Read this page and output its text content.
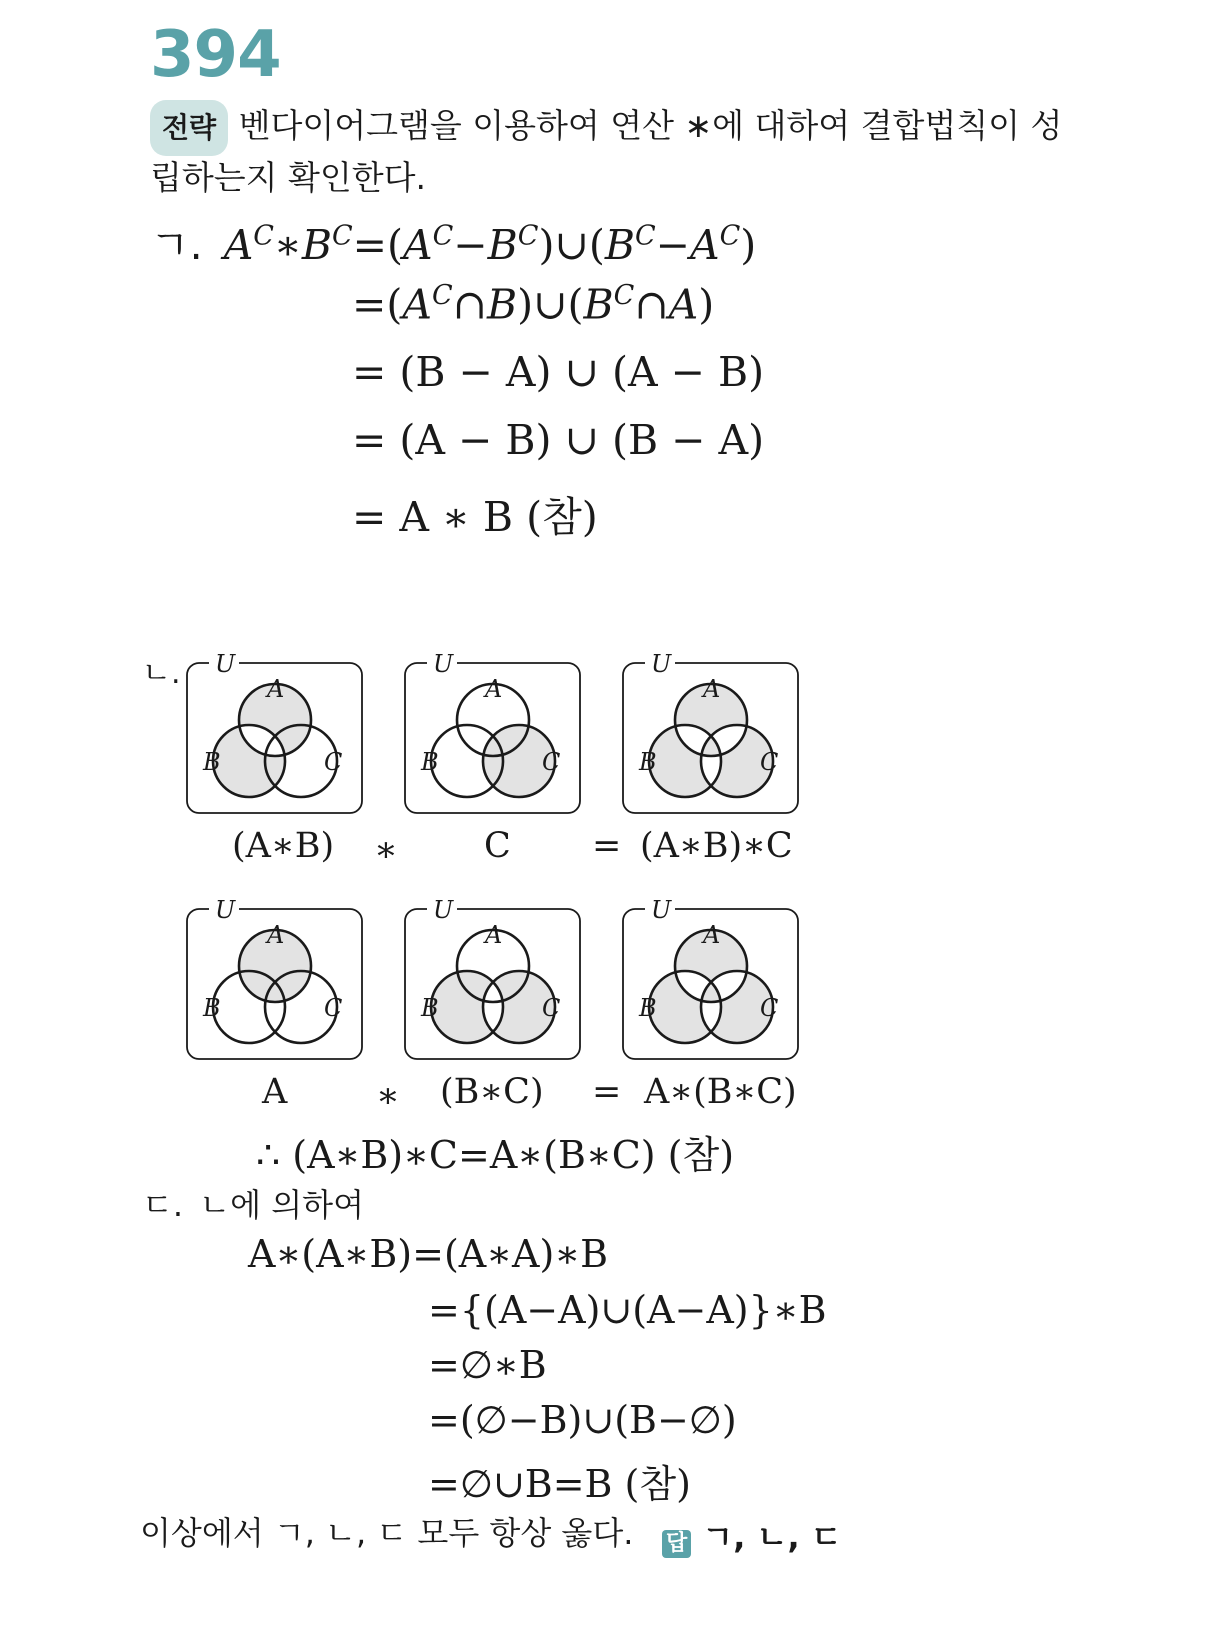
394
전략 벤다이어그램을 이용하여 연산 ∗에 대하여 결합법칙이 성
립하는지 확인한다.
ㄱ. $A^C∗B^C=(A^C-B^C)\cup(B^C-A^C)$
$=(A^C\cap B)\cup(B^C\cap A)$
= (B − A) ∪ (A − B)
= (A − B) ∪ (B − A)
= A ∗ B (참)
ㄴ. U
A
B	C
U
A
B	C
U
A
B	C
U
A
B	C
U
A
B	C
U
A
B	C
(A∗B) ∗ C = (A∗B)∗C
A	∗ (B∗C) = A∗(B∗C)
∴ (A∗B)∗C=A∗(B∗C) (참)
ㄷ. ㄴ에 의하여
A∗(A∗B)=(A∗A)∗B
={(A−A)∪(A−A)}∗B
=∅∗B
=(∅−B)∪(B−∅)
=∅∪B=B (참)
이상에서 ㄱ, ㄴ, ㄷ 모두 항상 옳다. 답 ㄱ, ㄴ, ㄷ
